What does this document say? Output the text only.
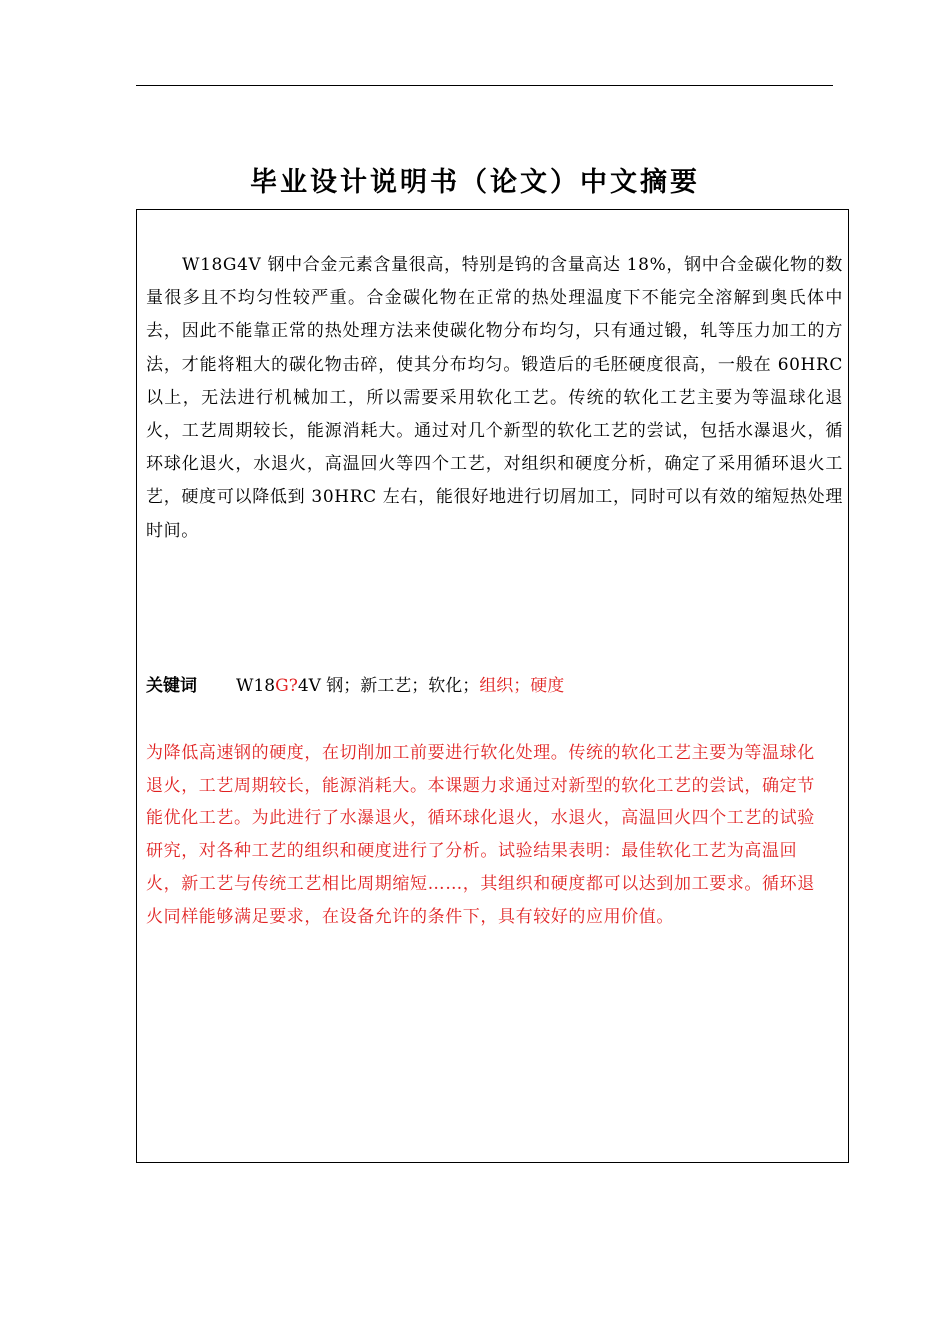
毕业设计说明书（论文）中文摘要

W18G4V 钢中合金元素含量很高，特别是钨的含量高达 18%，钢中合金碳化物的数量很多且不均匀性较严重。合金碳化物在正常的热处理温度下不能完全溶解到奥氏体中去，因此不能靠正常的热处理方法来使碳化物分布均匀，只有通过锻，轧等压力加工的方法，才能将粗大的碳化物击碎，使其分布均匀。锻造后的毛胚硬度很高，一般在 60HRC 以上，无法进行机械加工，所以需要采用软化工艺。传统的软化工艺主要为等温球化退火，工艺周期较长，能源消耗大。通过对几个新型的软化工艺的尝试，包括水瀑退火，循环球化退火，水退火，高温回火等四个工艺，对组织和硬度分析，确定了采用循环退火工艺，硬度可以降低到 30HRC 左右，能很好地进行切屑加工，同时可以有效的缩短热处理时间。

关键词 W18G?4V 钢；新工艺；软化；组织；硬度

为降低高速钢的硬度，在切削加工前要进行软化处理。传统的软化工艺主要为等温球化退火，工艺周期较长，能源消耗大。本课题力求通过对新型的软化工艺的尝试，确定节能优化工艺。为此进行了水瀑退火，循环球化退火，水退火，高温回火四个工艺的试验研究，对各种工艺的组织和硬度进行了分析。试验结果表明：最佳软化工艺为高温回火，新工艺与传统工艺相比周期缩短……，其组织和硬度都可以达到加工要求。循环退火同样能够满足要求，在设备允许的条件下，具有较好的应用价值。
